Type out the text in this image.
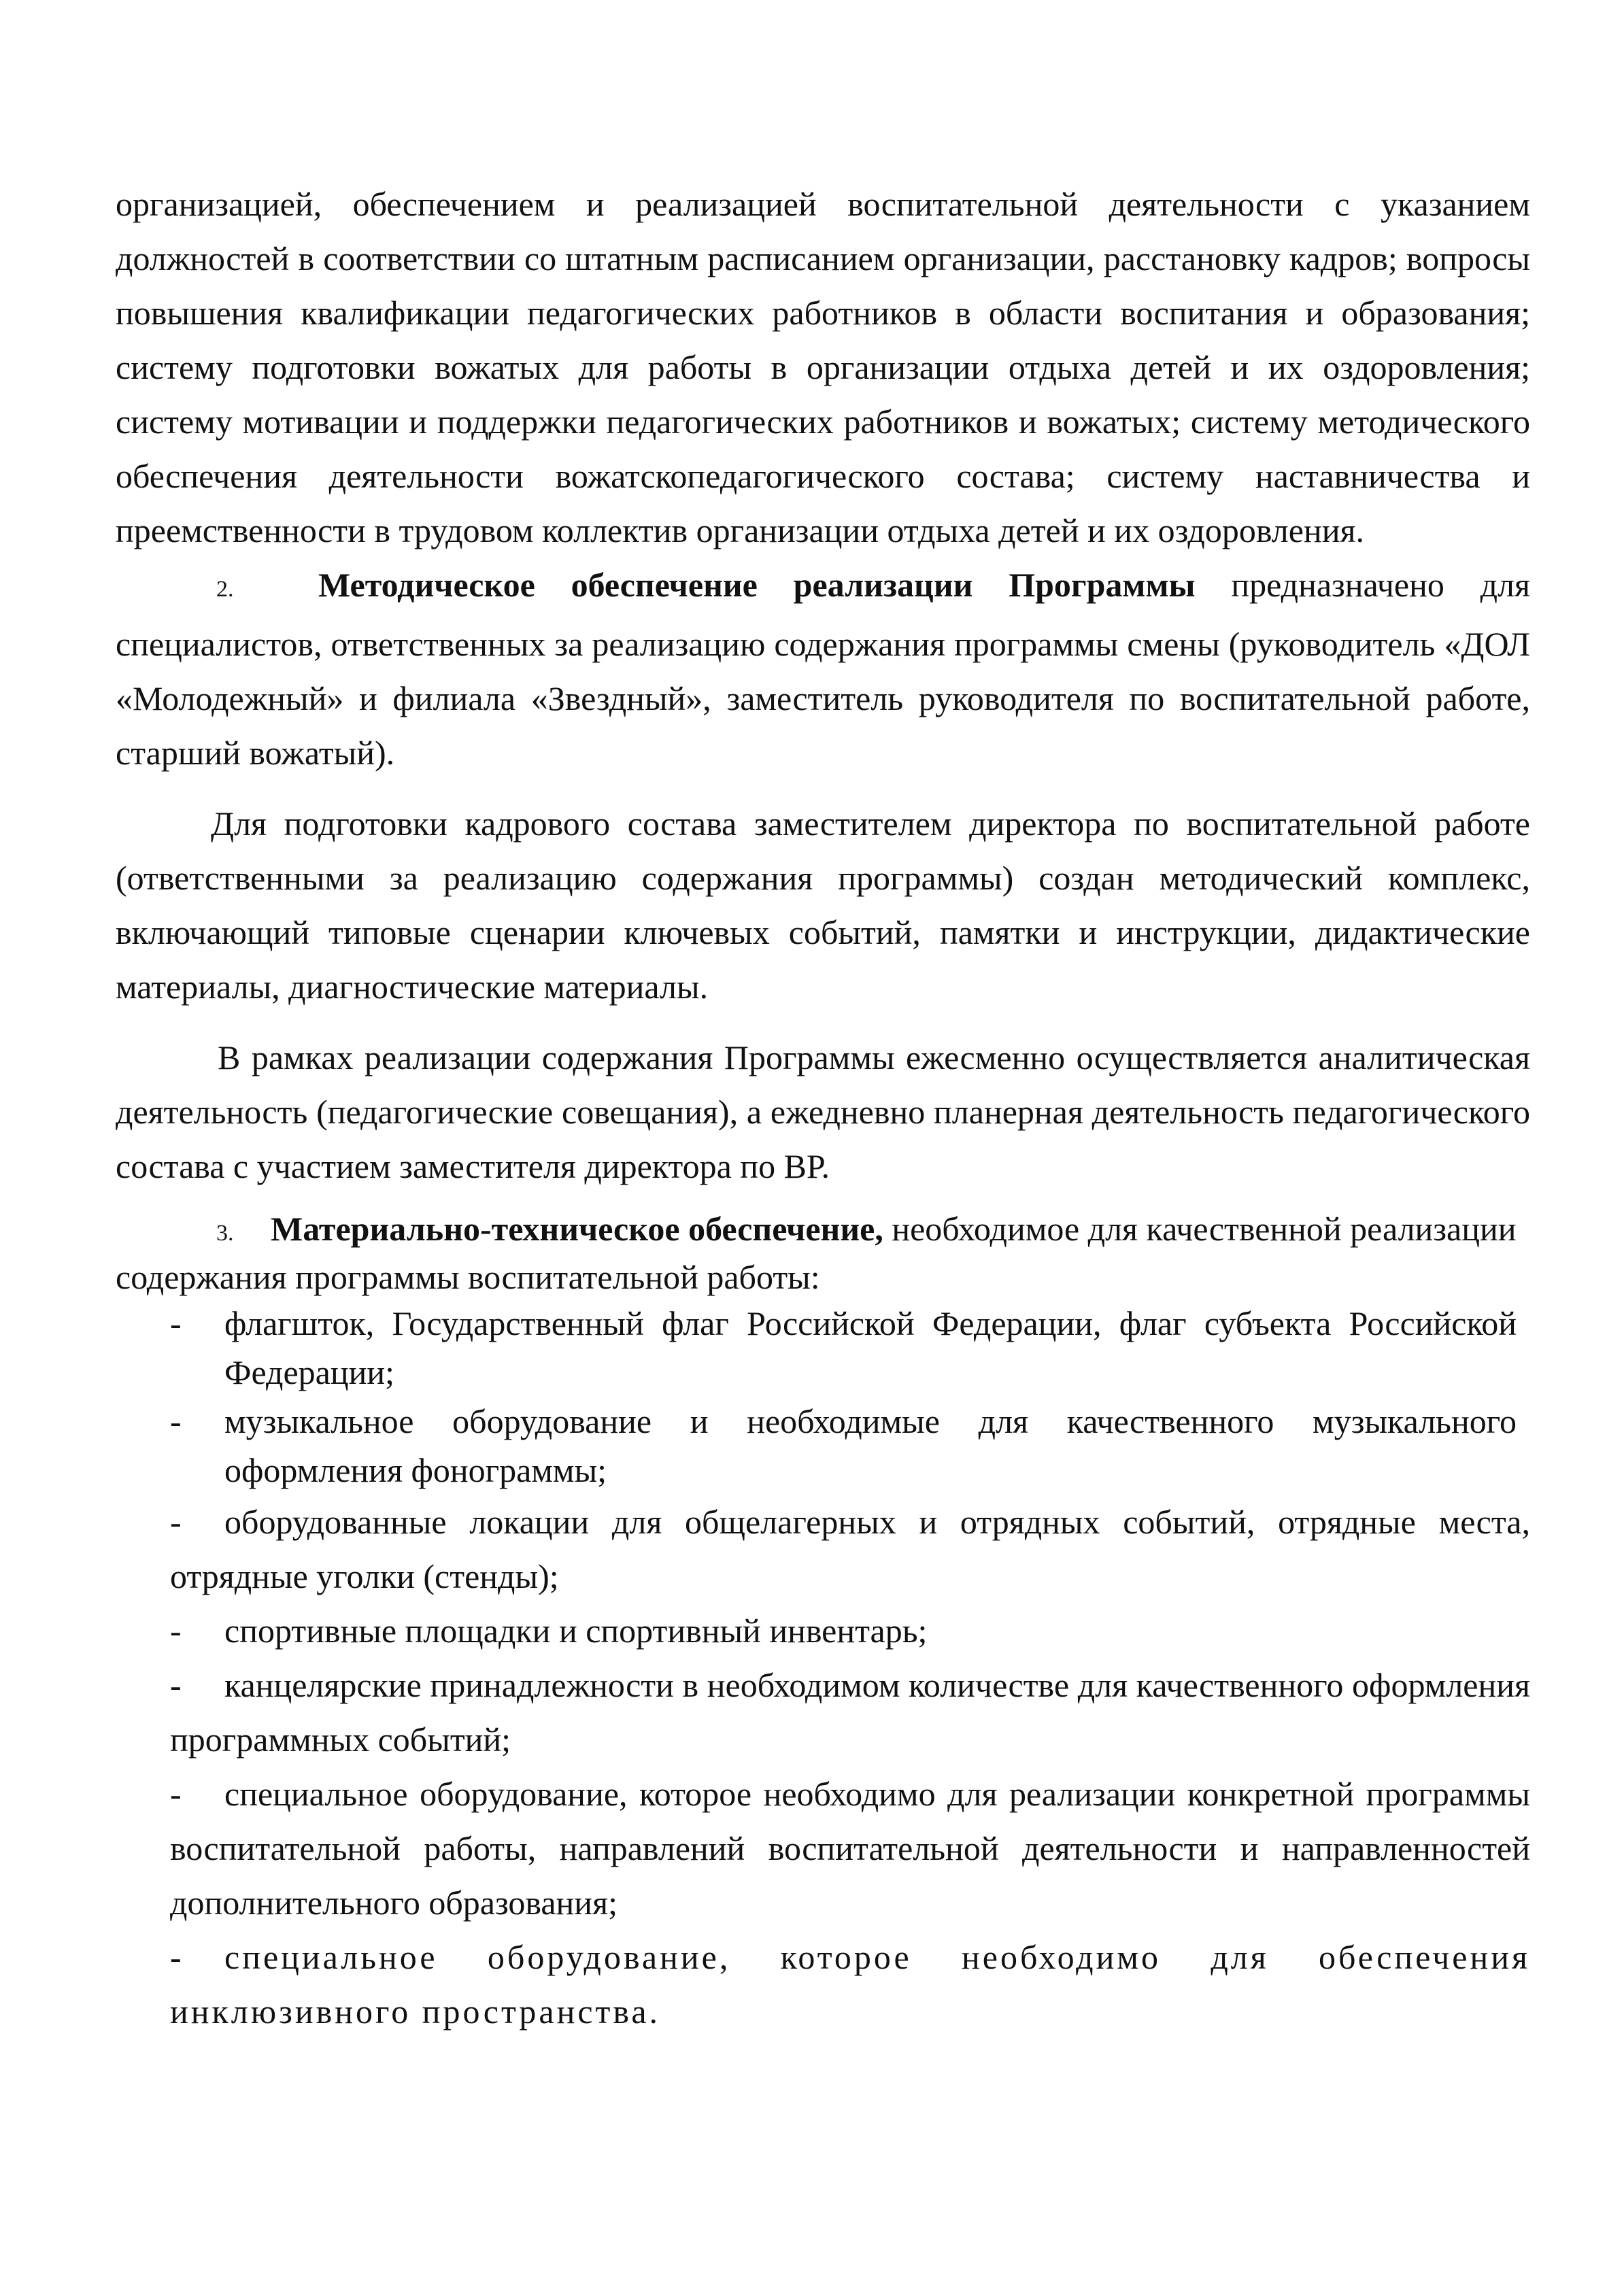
организацией, обеспечением и реализацией воспитательной деятельности с указанием должностей в соответствии со штатным расписанием организации, расстановку кадров; вопросы повышения квалификации педагогических работников в области воспитания и образования; систему подготовки вожатых для работы в организации отдыха детей и их оздоровления; систему мотивации и поддержки педагогических работников и вожатых; систему методического обеспечения деятельности вожатскопедагогического состава; систему наставничества и преемственности в трудовом коллектив организации отдыха детей и их оздоровления.

2. Методическое обеспечение реализации Программы предназначено для специалистов, ответственных за реализацию содержания программы смены (руководитель «ДОЛ «Молодежный» и филиала «Звездный», заместитель руководителя по воспитательной работе, старший вожатый).

Для подготовки кадрового состава заместителем директора по воспитательной работе (ответственными за реализацию содержания программы) создан методический комплекс, включающий типовые сценарии ключевых событий, памятки и инструкции, дидактические материалы, диагностические материалы.

В рамках реализации содержания Программы ежесменно осуществляется аналитическая деятельность (педагогические совещания), а ежедневно планерная деятельность педагогического состава с участием заместителя директора по ВР.

3. Материально-техническое обеспечение, необходимое для качественной реализации содержания программы воспитательной работы:

- флагшток, Государственный флаг Российской Федерации, флаг субъекта Российской Федерации;
- музыкальное оборудование и необходимые для качественного музыкального оформления фонограммы;
- оборудованные локации для общелагерных и отрядных событий, отрядные места, отрядные уголки (стенды);
- спортивные площадки и спортивный инвентарь;
- канцелярские принадлежности в необходимом количестве для качественного оформления программных событий;
- специальное оборудование, которое необходимо для реализации конкретной программы воспитательной работы, направлений воспитательной деятельности и направленностей дополнительного образования;
- специальное оборудование, которое необходимо для обеспечения инклюзивного пространства.
